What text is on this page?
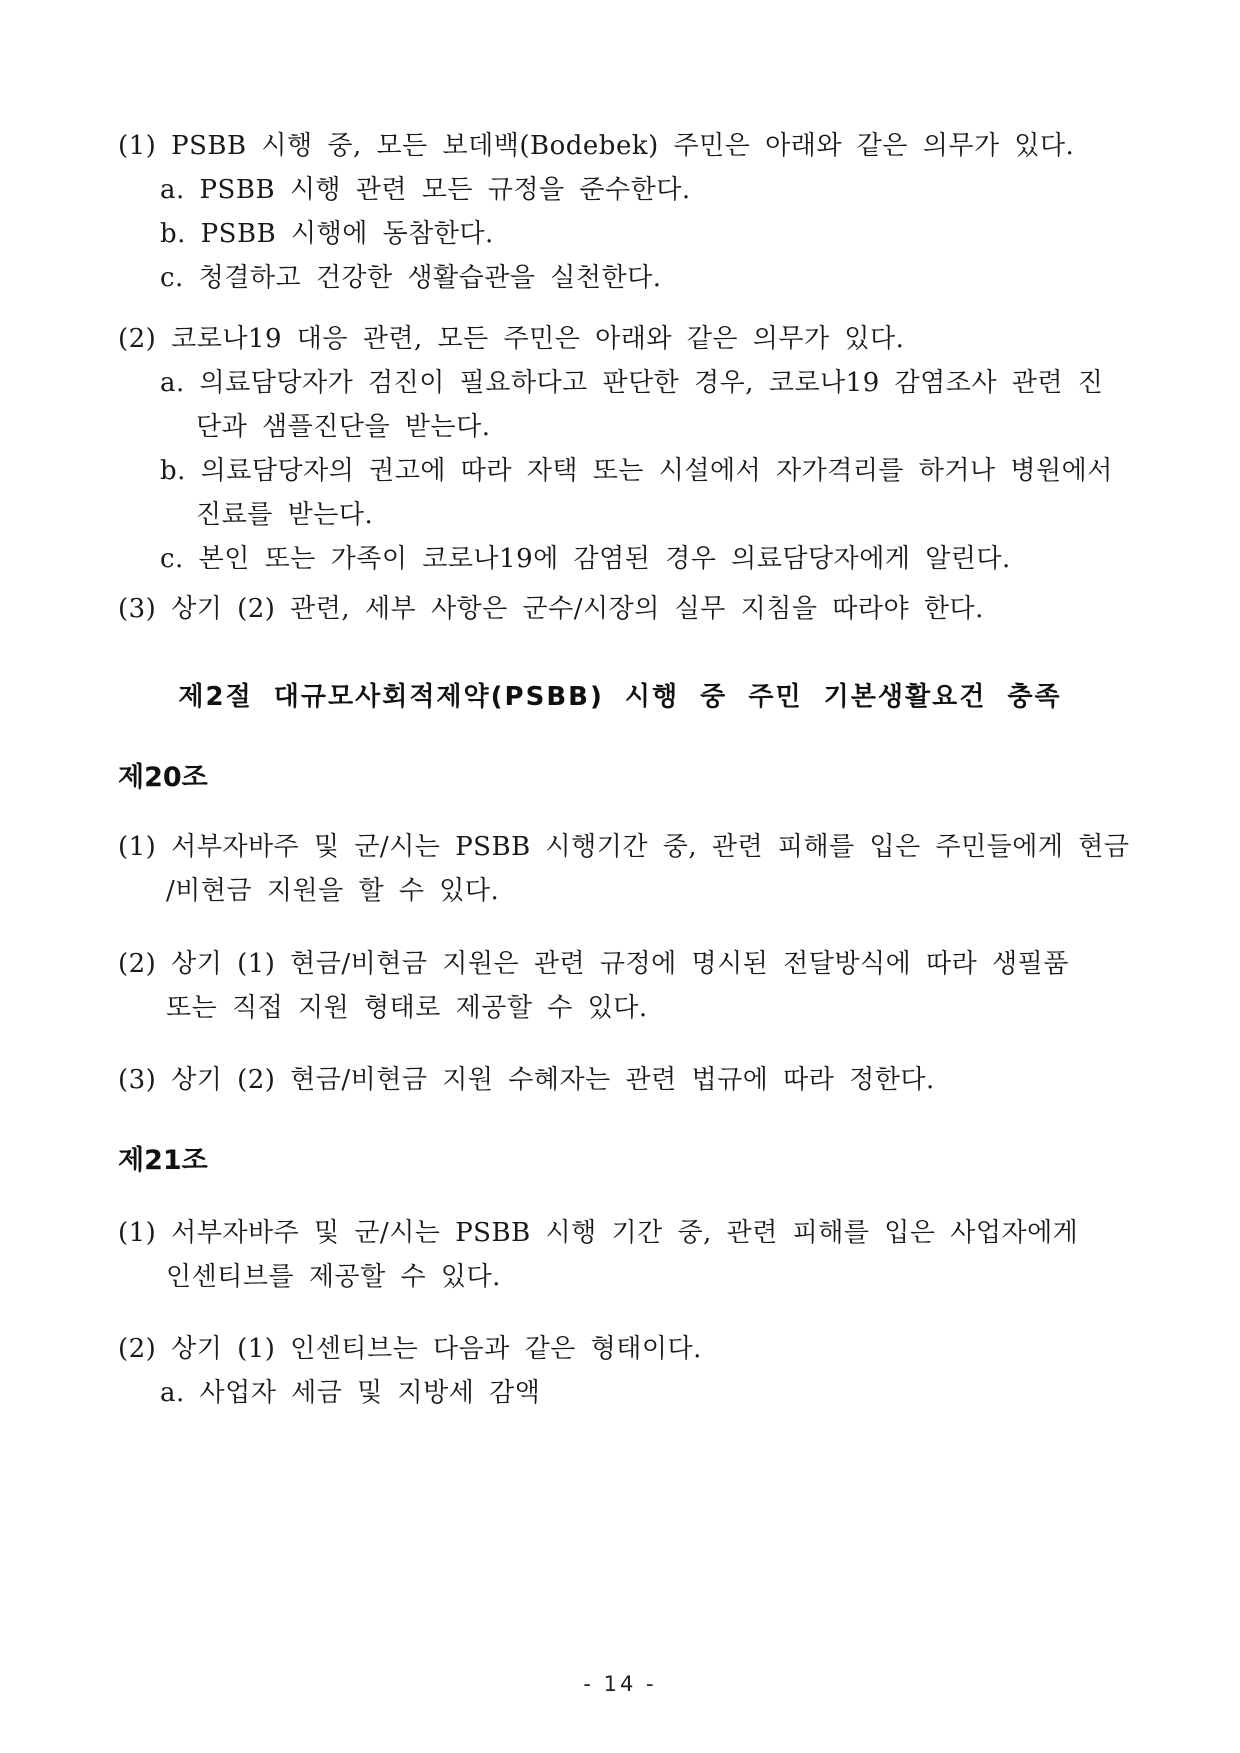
(1) PSBB 시행 중, 모든 보데백(Bodebek) 주민은 아래와 같은 의무가 있다.
a. PSBB 시행 관련 모든 규정을 준수한다.
b. PSBB 시행에 동참한다.
c. 청결하고 건강한 생활습관을 실천한다.
(2) 코로나19 대응 관련, 모든 주민은 아래와 같은 의무가 있다.
a. 의료담당자가 검진이 필요하다고 판단한 경우, 코로나19 감염조사 관련 진
단과 샘플진단을 받는다.
b. 의료담당자의 권고에 따라 자택 또는 시설에서 자가격리를 하거나 병원에서
진료를 받는다.
c. 본인 또는 가족이 코로나19에 감염된 경우 의료담당자에게 알린다.
(3) 상기 (2) 관련, 세부 사항은 군수/시장의 실무 지침을 따라야 한다.
제2절 대규모사회적제약(PSBB) 시행 중 주민 기본생활요건 충족
제20조
(1) 서부자바주 및 군/시는 PSBB 시행기간 중, 관련 피해를 입은 주민들에게 현금
/비현금 지원을 할 수 있다.
(2) 상기 (1) 현금/비현금 지원은 관련 규정에 명시된 전달방식에 따라 생필품
또는 직접 지원 형태로 제공할 수 있다.
(3) 상기 (2) 현금/비현금 지원 수혜자는 관련 법규에 따라 정한다.
제21조
(1) 서부자바주 및 군/시는 PSBB 시행 기간 중, 관련 피해를 입은 사업자에게
인센티브를 제공할 수 있다.
(2) 상기 (1) 인센티브는 다음과 같은 형태이다.
a. 사업자 세금 및 지방세 감액
- 14 -
